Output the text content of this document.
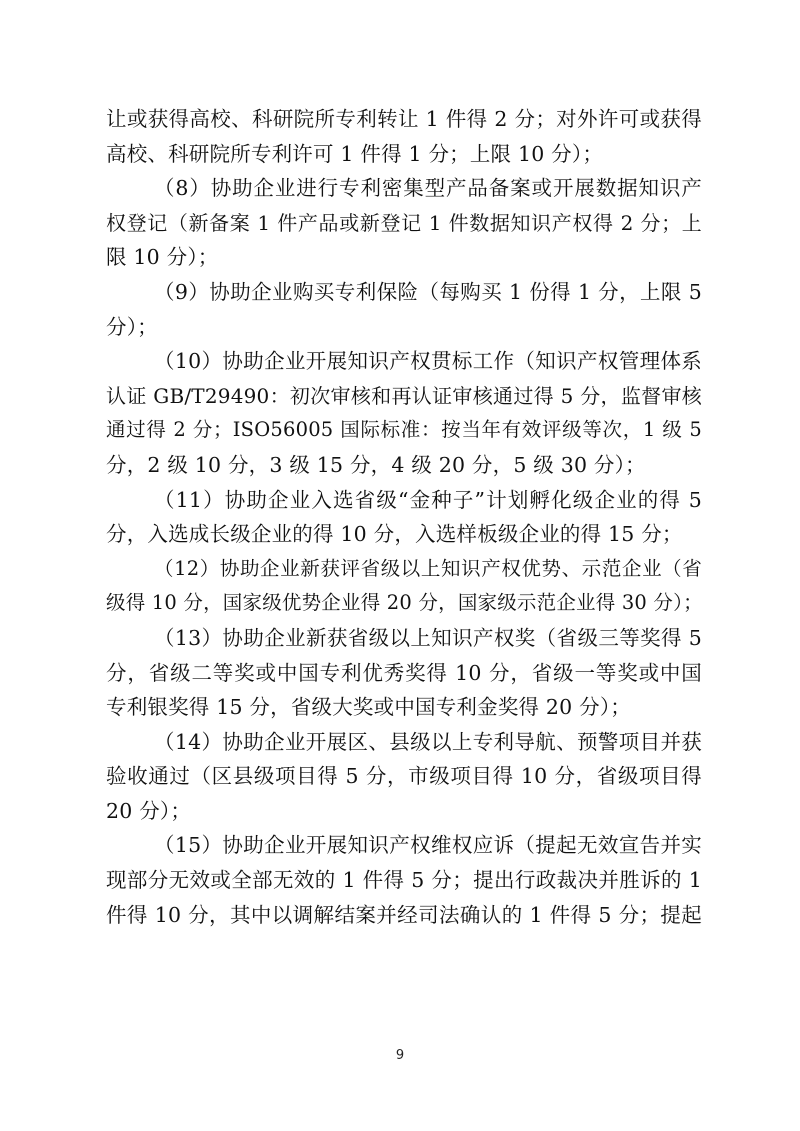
让或获得高校、科研院所专利转让 1 件得 2 分；对外许可或获得
高校、科研院所专利许可 1 件得 1 分；上限 10 分）；
（8）协助企业进行专利密集型产品备案或开展数据知识产
权登记（新备案 1 件产品或新登记 1 件数据知识产权得 2 分；上
限 10 分）；
（9）协助企业购买专利保险（每购买 1 份得 1 分，上限 5
分）；
（10）协助企业开展知识产权贯标工作（知识产权管理体系
认证 GB/T29490：初次审核和再认证审核通过得 5 分，监督审核
通过得 2 分；ISO56005 国际标准：按当年有效评级等次，1 级 5
分，2 级 10 分，3 级 15 分，4 级 20 分，5 级 30 分）；
（11）协助企业入选省级“金种子”计划孵化级企业的得 5
分，入选成长级企业的得 10 分，入选样板级企业的得 15 分；
（12）协助企业新获评省级以上知识产权优势、示范企业（省
级得 10 分，国家级优势企业得 20 分，国家级示范企业得 30 分）；
（13）协助企业新获省级以上知识产权奖（省级三等奖得 5
分，省级二等奖或中国专利优秀奖得 10 分，省级一等奖或中国
专利银奖得 15 分，省级大奖或中国专利金奖得 20 分）；
（14）协助企业开展区、县级以上专利导航、预警项目并获
验收通过（区县级项目得 5 分，市级项目得 10 分，省级项目得
20 分）；
（15）协助企业开展知识产权维权应诉（提起无效宣告并实
现部分无效或全部无效的 1 件得 5 分；提出行政裁决并胜诉的 1
件得 10 分，其中以调解结案并经司法确认的 1 件得 5 分；提起
9
